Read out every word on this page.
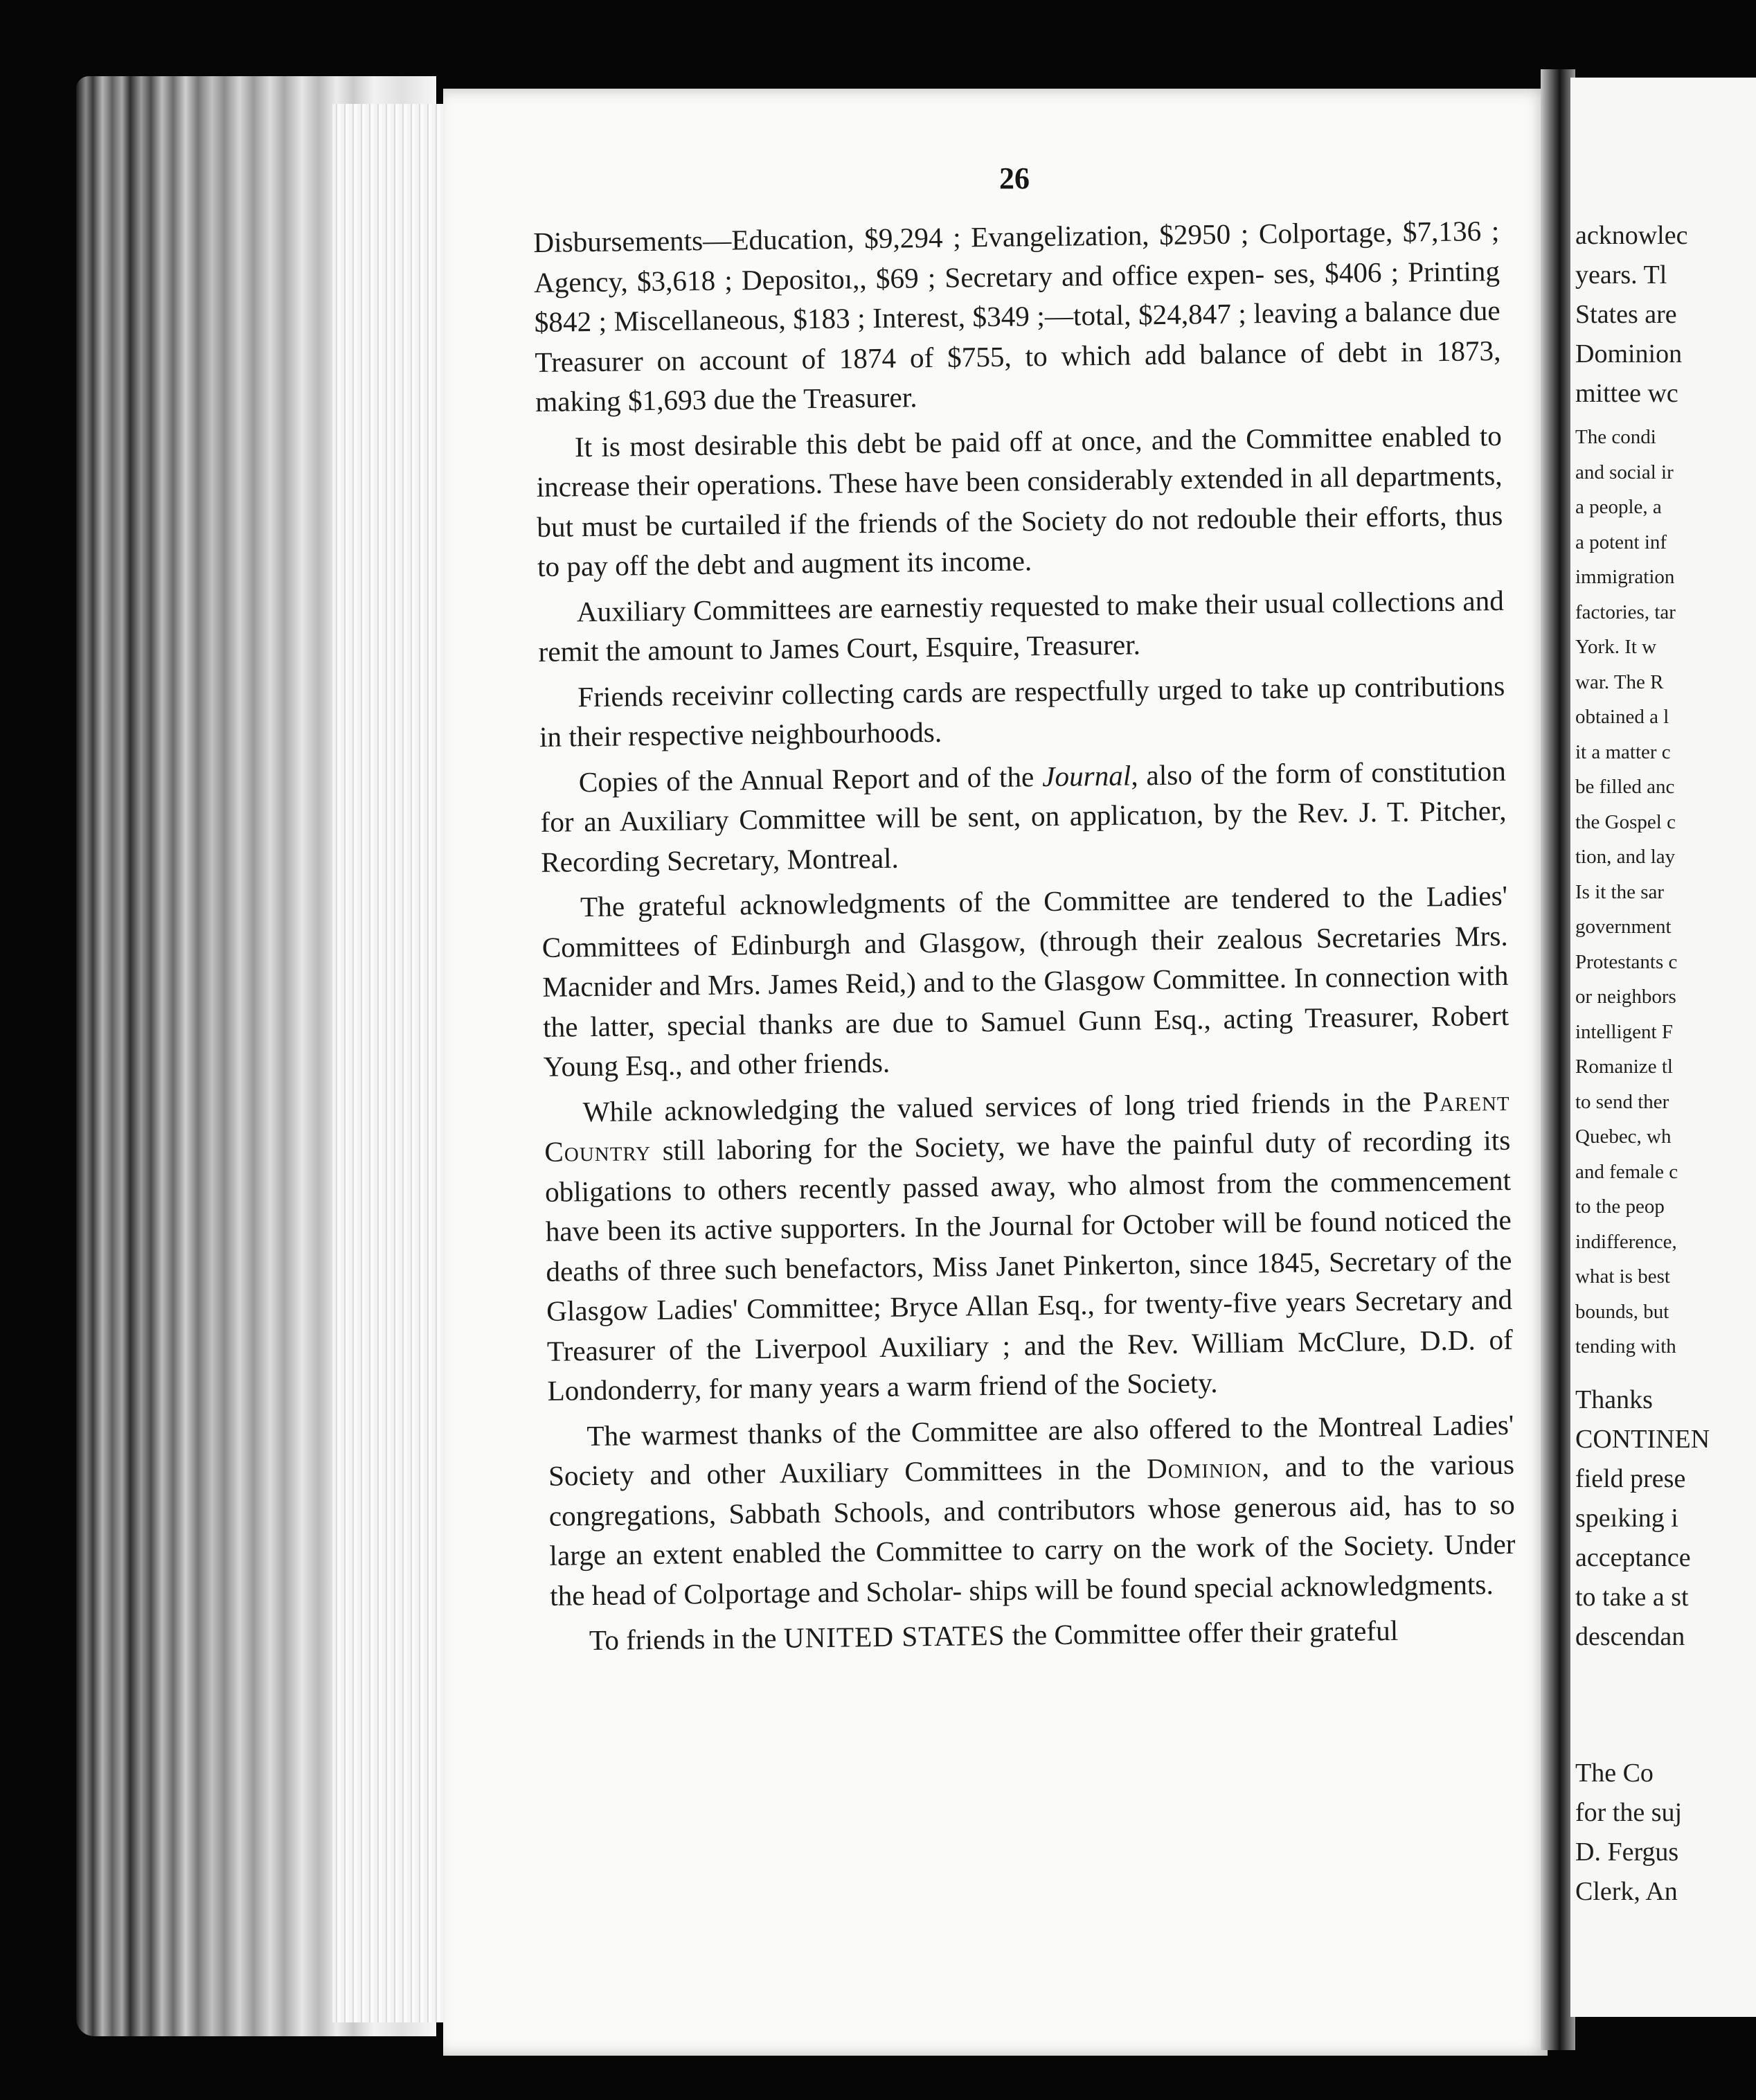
26

Disbursements—Education, $9,294 ; Evangelization, $2950 ; Colportage, $7,136 ; Agency, $3,618 ; Depositoı,, $69 ; Secretary and office expen- ses, $406 ; Printing $842 ; Miscellaneous, $183 ; Interest, $349 ;—total, $24,847 ; leaving a balance due Treasurer on account of 1874 of $755, to which add balance of debt in 1873, making $1,693 due the Treasurer.

It is most desirable this debt be paid off at once, and the Committee enabled to increase their operations. These have been considerably extended in all departments, but must be curtailed if the friends of the Society do not redouble their efforts, thus to pay off the debt and augment its income.

Auxiliary Committees are earnestiy requested to make their usual collections and remit the amount to James Court, Esquire, Treasurer.

Friends receivinr collecting cards are respectfully urged to take up contributions in their respective neighbourhoods.

Copies of the Annual Report and of the Journal, also of the form of constitution for an Auxiliary Committee will be sent, on applicatıon, by the Rev. J. T. Pitcher, Recording Secretary, Montreal.

The grateful acknowledgments of the Committee are tendered to the Ladies' Committees of Edinburgh and Glasgow, (through their zealous Secretaries Mrs. Macnider and Mrs. James Reid,) and to the Glasgow Committee. In connection with the latter, special thanks are due to Samuel Gunn Esq., acting Treasurer, Robert Young Esq., and other friends.

While acknowledging the valued services of long tried friends in the Parent Country still laboring for the Society, we have the painful duty of recording its obligations to others recently passed away, who almost from the commencement have been its active supporters. In the Journal for October will be found noticed the deaths of three such benefactors, Miss Janet Pinkerton, since 1845, Secretary of the Glasgow Ladies' Committee; Bryce Allan Esq., for twenty-five years Secretary and Treasurer of the Liverpool Auxiliary ; and the Rev. William McClure, D.D. of Londonderry, for many years a warm friend of the Society.

The warmest thanks of the Committee are also offered to the Montreal Ladies' Society and other Auxiliary Committees in the Dominion, and to the various congregations, Sabbath Schools, and contributors whose generous aid, has to so large an extent enabled the Committee to carry on the work of the Society. Under the head of Colportage and Scholar- ships will be found special acknowledgments.

To friends in the UNITED STATES the Committee offer their grateful

acknowlec
years. Tl
States are
Dominion
mittee wc
The condi
and social ir
a people, a
a potent inf
immigration
factories, tar
York. It w
war. The R
obtained a l
it a matter c
be filled anc
the Gospel c
tion, and lay
Is it the sar
government
Protestants c
or neighbors
intelligent F
Romanize tl
to send ther
Quebec, wh
and female c
to the peop
indifference,
what is best
bounds, but
tending with
Thanks
CONTINEN
field prese
speıking i
acceptance
to take a st
descendan
The Co
for the suj
D. Fergus
Clerk, An
